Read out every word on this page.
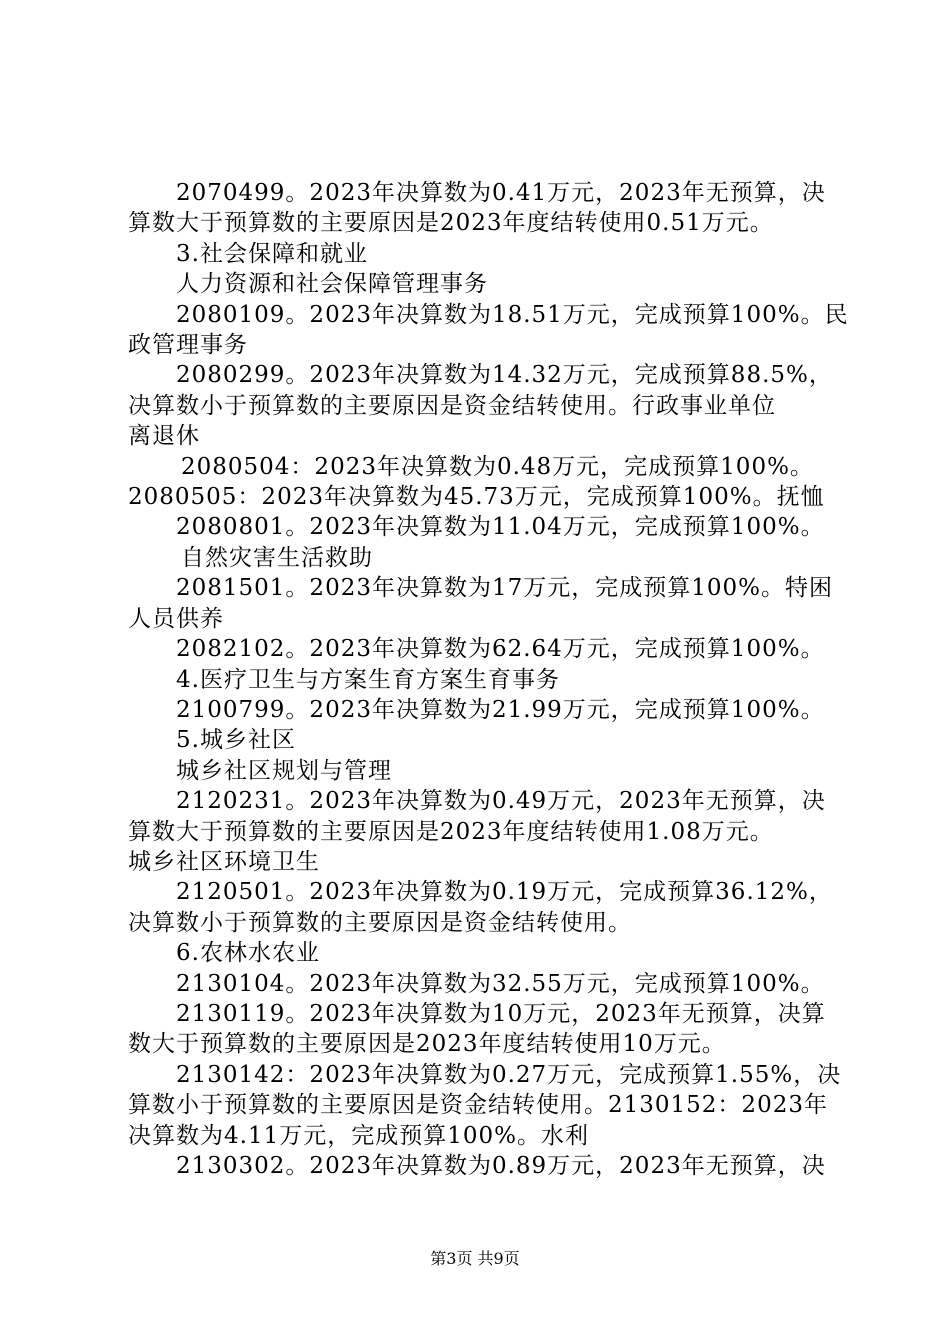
2070499。2023年决算数为0.41万元，2023年无预算，决

算数大于预算数的主要原因是2023年度结转使用0.51万元。

3.社会保障和就业

人力资源和社会保障管理事务

2080109。2023年决算数为18.51万元，完成预算100%。民

政管理事务

2080299。2023年决算数为14.32万元，完成预算88.5%，

决算数小于预算数的主要原因是资金结转使用。行政事业单位

离退休

2080504：2023年决算数为0.48万元，完成预算100%。

2080505：2023年决算数为45.73万元，完成预算100%。抚恤

2080801。2023年决算数为11.04万元，完成预算100%。

自然灾害生活救助

2081501。2023年决算数为17万元，完成预算100%。特困

人员供养

2082102。2023年决算数为62.64万元，完成预算100%。

4.医疗卫生与方案生育方案生育事务

2100799。2023年决算数为21.99万元，完成预算100%。

5.城乡社区

城乡社区规划与管理

2120231。2023年决算数为0.49万元，2023年无预算，决

算数大于预算数的主要原因是2023年度结转使用1.08万元。

城乡社区环境卫生

2120501。2023年决算数为0.19万元，完成预算36.12%，

决算数小于预算数的主要原因是资金结转使用。

6.农林水农业

2130104。2023年决算数为32.55万元，完成预算100%。

2130119。2023年决算数为10万元，2023年无预算，决算

数大于预算数的主要原因是2023年度结转使用10万元。

2130142：2023年决算数为0.27万元，完成预算1.55%，决

算数小于预算数的主要原因是资金结转使用。2130152：2023年

决算数为4.11万元，完成预算100%。水利

2130302。2023年决算数为0.89万元，2023年无预算，决

第3页 共9页
